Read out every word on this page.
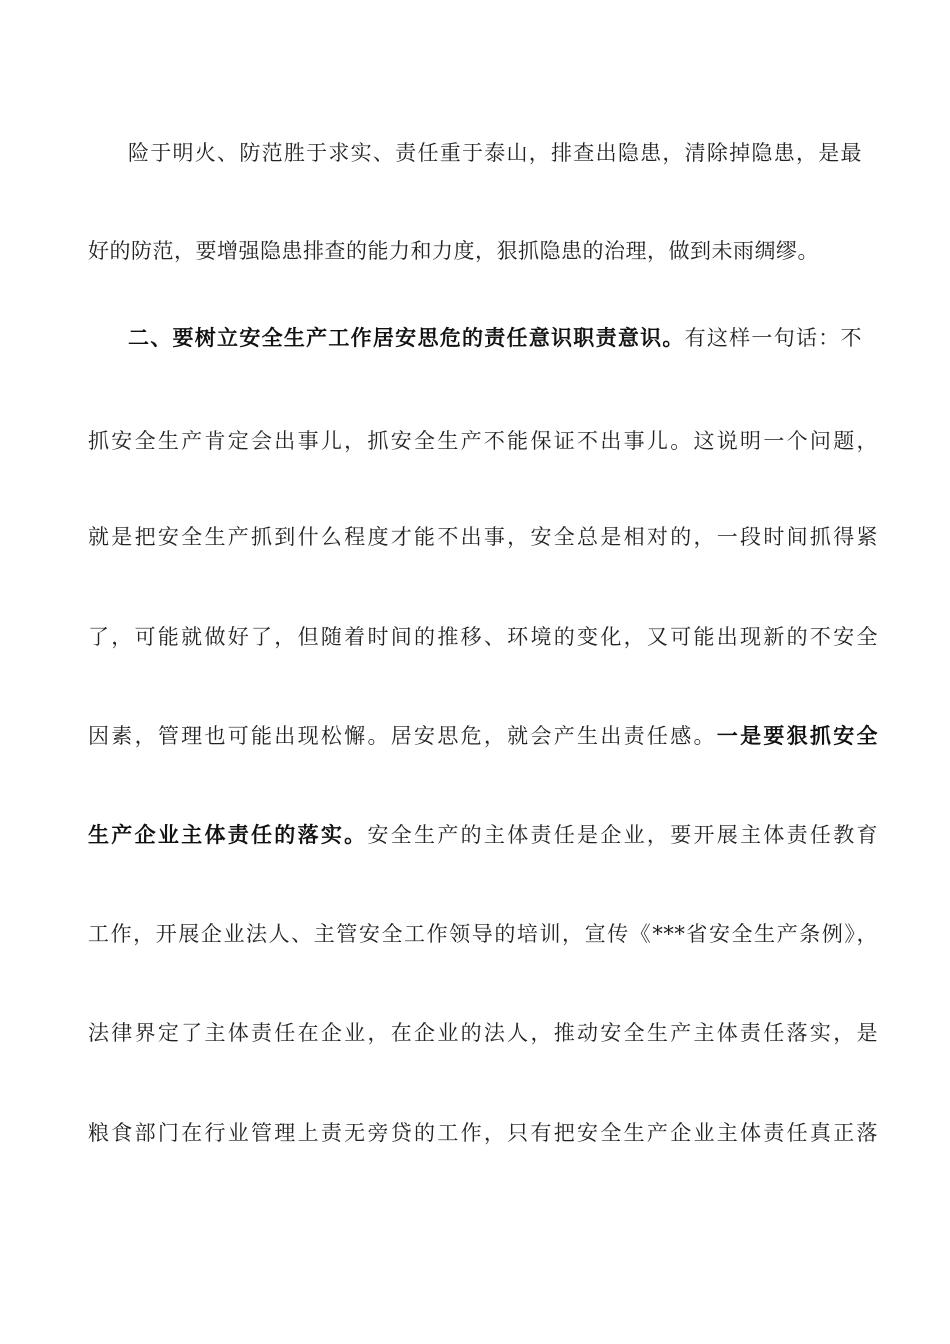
险于明火、防范胜于求实、责任重于泰山，排查出隐患，清除掉隐患，是最
好的防范，要增强隐患排查的能力和力度，狠抓隐患的治理，做到未雨绸缪。
二、要树立安全生产工作居安思危的责任意识职责意识。有这样一句话：不
抓安全生产肯定会出事儿，抓安全生产不能保证不出事儿。这说明一个问题，
就是把安全生产抓到什么程度才能不出事，安全总是相对的，一段时间抓得紧
了，可能就做好了，但随着时间的推移、环境的变化，又可能出现新的不安全
因素，管理也可能出现松懈。居安思危，就会产生出责任感。一是要狠抓安全
生产企业主体责任的落实。安全生产的主体责任是企业，要开展主体责任教育
工作，开展企业法人、主管安全工作领导的培训，宣传《***省安全生产条例》，
法律界定了主体责任在企业，在企业的法人，推动安全生产主体责任落实，是
粮食部门在行业管理上责无旁贷的工作，只有把安全生产企业主体责任真正落
